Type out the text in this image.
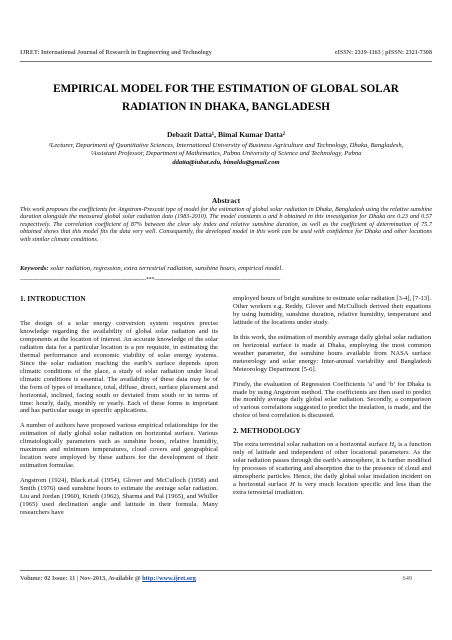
IJRET: International Journal of Research in Engineering and Technology	eISSN: 2319-1163 | pISSN: 2321-7308
EMPIRICAL MODEL FOR THE ESTIMATION OF GLOBAL SOLAR RADIATION IN DHAKA, BANGLADESH
Debazit Datta¹, Bimal Kumar Datta²
¹Lecturer, Department of Quantitative Sciences, International University of Business Agriculture and Technology, Dhaka, Bangladesh,
²Assistant Professor, Department of Mathematics, Pabna University of Science and Technology, Pabna
ddatta@iubat.edu, bimaldu@gmail.com
Abstract
This work proposes the coefficients for Angstrom-Prescott type of model for the estimation of global solar radiation in Dhaka, Bangladesh using the relative sunshine duration alongside the measured global solar radiation data (1983-2010). The model constants a and b obtained in this investigation for Dhaka are 0.23 and 0.57 respectively. The correlation coefficient of 87% between the clear sky index and relative sunshine duration, as well as the coefficient of determination of 75.7 obtained shows that this model fits the data very well. Consequently, the developed model in this work can be used with confidence for Dhaka and other locations with similar climate conditions.
Keywords: solar radiation, regression, extra terrestrial radiation, sunshine hours, empirical model.
----------------------------------------------------------------------***----------------------------------------------------------------------
1. INTRODUCTION

The design of a solar energy conversion system requires precise knowledge regarding the availability of global solar radiation and its components at the location of interest. An accurate knowledge of the solar radiation data for a particular location is a pre requisite, in estimating the thermal performance and economic viability of solar energy systems. Since the solar radiation reaching the earth’s surface depends upon climatic conditions of the place, a study of solar radiation under local climatic conditions is essential. The availability of these data may be of the form of types of irradiance, total, diffuse, direct, surface placement and horizontal, inclined, facing south or deviated from south or in terms of time: hourly, daily, monthly or yearly. Each of these forms is important and has particular usage in specific applications.

A number of authors have proposed various empirical relationships for the estimation of daily global solar radiation on horizontal surface. Various climatologically parameters such as sunshine hours, relative humidity, maximum and minimum temperatures, cloud covers and geographical location were employed by these authors for the development of their estimation formulae.

Angstrom (1924), Black.et.al (1954), Glover and McCulloch (1958) and Smith (1976) used sunshine hours to estimate the average solar radiation. Liu and Jordan (1960), Krieth (1962), Sharma and Pal (1965), and Whiller (1965) used declination angle and latitude in their formula. Many researchers have

employed hours of bright sunshine to estimate solar radiation [3-4], [7-13]. Other workers e.g. Reddy, Glover and McCulloch derived their equations by using humidity, sunshine duration, relative humidity, temperature and latitude of the locations under study.

In this work, the estimation of monthly average daily global solar radiation on horizontal surface is made at Dhaka, employing the most common weather parameter, the sunshine hours available from NASA surface meteorology and solar energy: Inter-annual variability and Bangladesh Meteorology Department [5-6].

Firstly, the evaluation of Regression Coefficients ‘a’ and ‘b’ for Dhaka is made by using Angstrom method. The coefficients are then used to predict the monthly average daily global solar radiation. Secondly, a comparison of various correlations suggested to predict the insulation, is made, and the choice of best correlation is discussed.

2. METHODOLOGY

The extra terrestrial solar radiation on a horizontal surface H₀ is a function only of latitude and independent of other locational parameters. As the solar radiation passes through the earth’s atmosphere, it is further modified by processes of scattering and absorption due to the presence of cloud and atmospheric particles. Hence, the daily global solar insulation incident on a horizontal surface H is very much location specific and less than the extra terrestrial irradiation.

Volume: 02 Issue: 11 | Nov-2013, Available @ http://www.ijret.org	649
